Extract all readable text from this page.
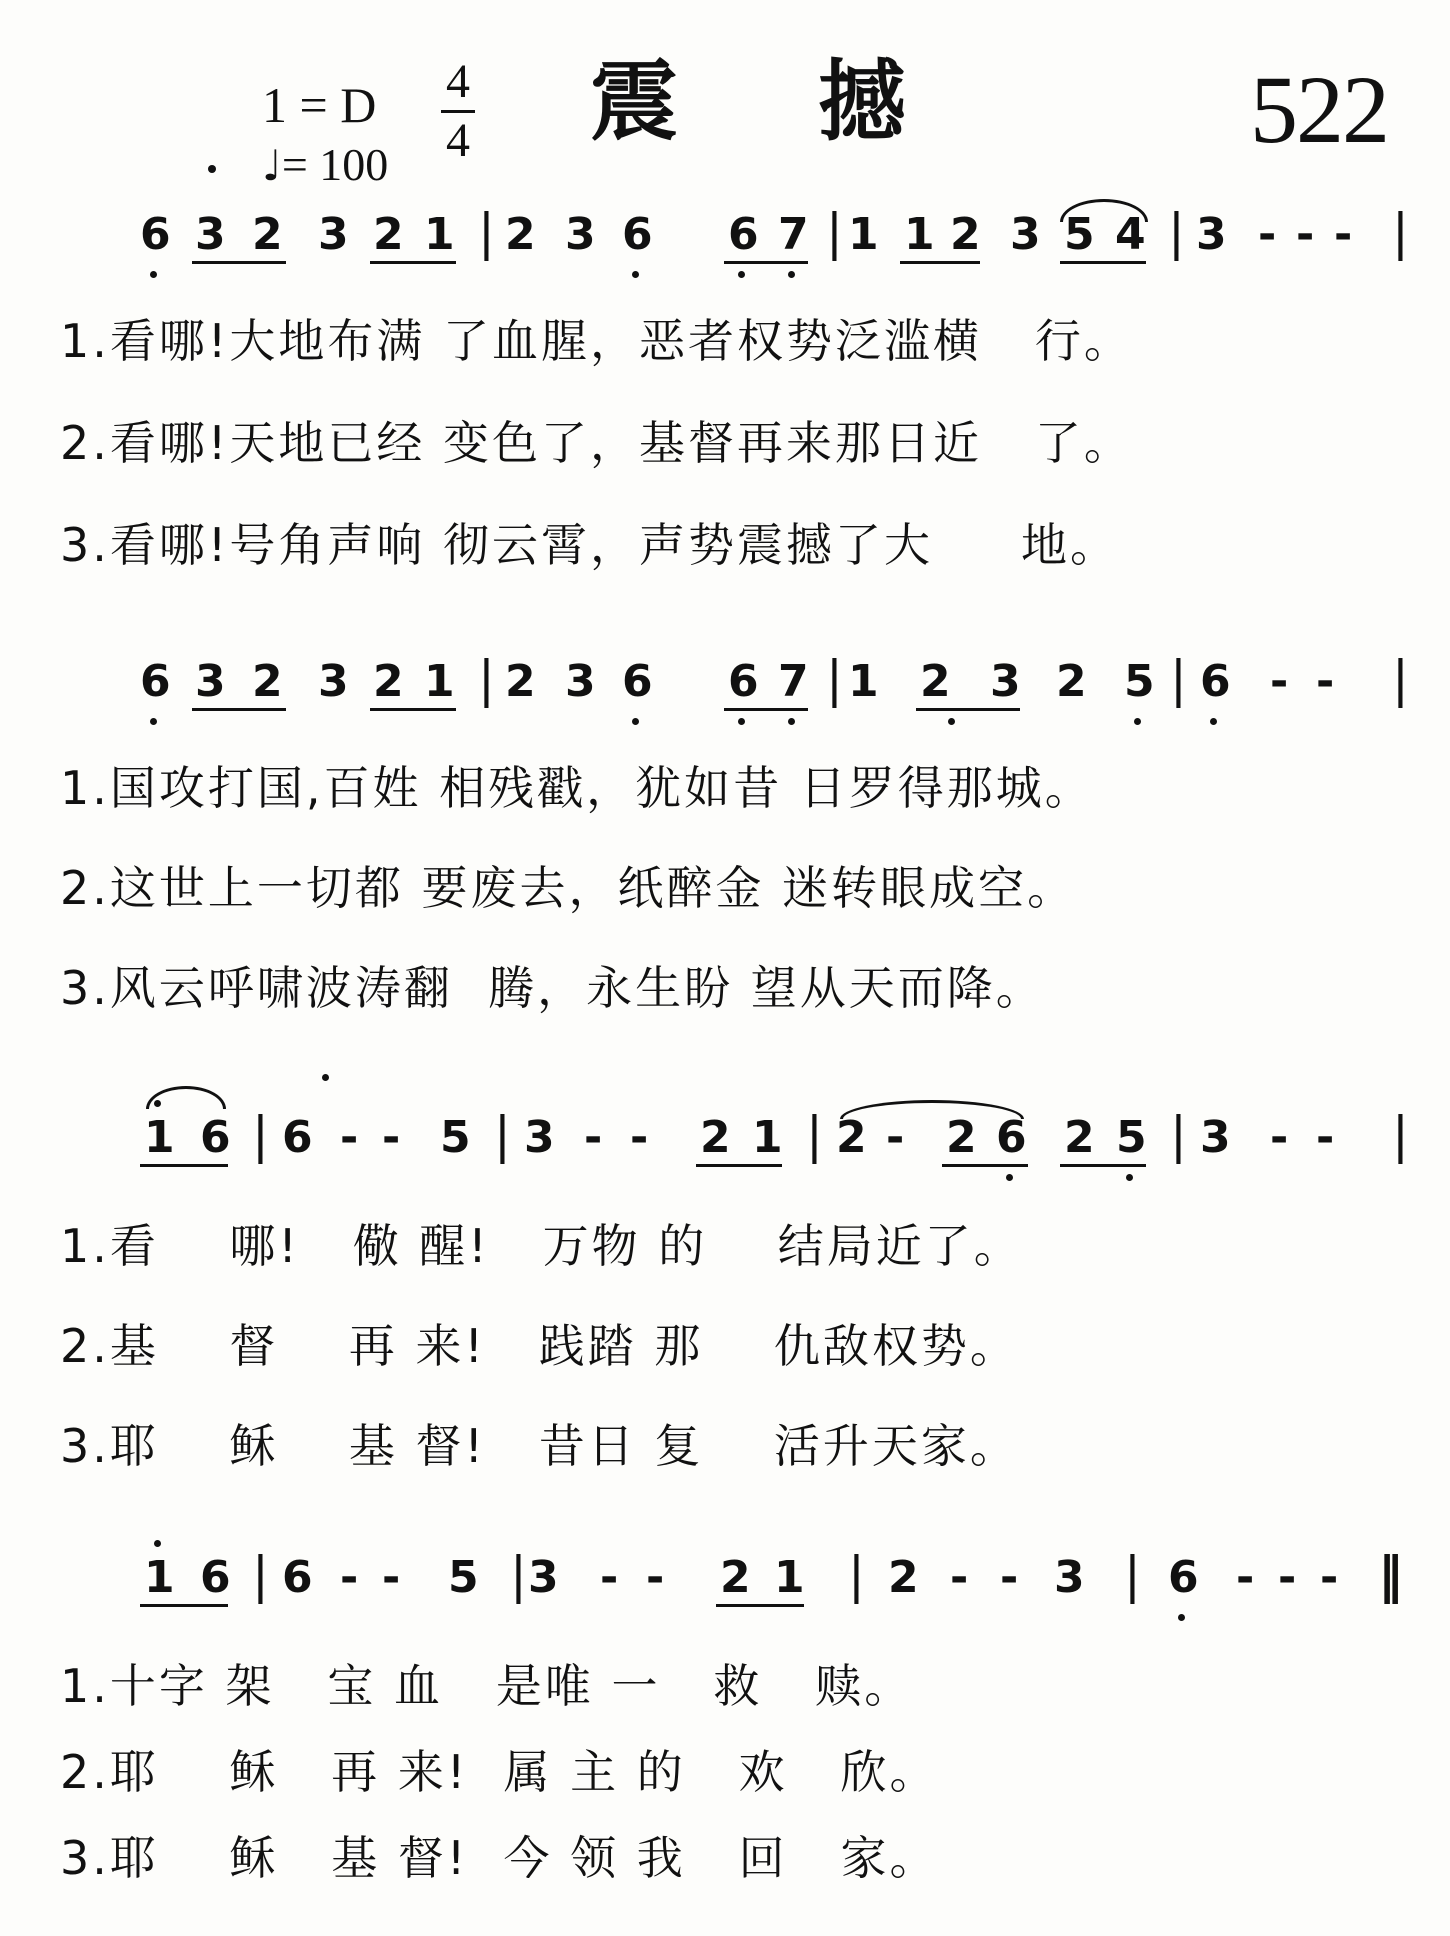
1 = D 4
4
♩= 100
震撼 522
6 3 2 3 2 1 | 2 3 6 6 7 | 1 1 2 3 5 4 | 3 - - - |
1.看哪!大地布满 了血腥，恶者权势泛滥横   行。
2.看哪!天地已经 变色了，基督再来那日近   了。
3.看哪!号角声响 彻云霄，声势震撼了大     地。
6 3 2 3 2 1 | 2 3 6 6 7 | 1 2 3 2 5 | 6 - - |
1.国攻打国,百姓 相残戳，犹如昔 日罗得那城。
2.这世上一切都 要废去，纸醉金 迷转眼成空。
3.风云呼啸波涛翻  腾，永生盼 望从天而降。
1 6 | 6 - - 5 | 3 - - 2 1 | 2 - 2 6 2 5 | 3 - - |
1.看    哪!   儆 醒!   万物 的    结局近了。
2.基    督    再 来!   践踏 那    仇敌权势。
3.耶    稣    基 督!   昔日 复    活升天家。
1 6 | 6 - - 5 | 3 - - 2 1 | 2 - - 3 | 6 - - - ‖
1.十字 架   宝 血   是唯 一   救   赎。
2.耶    稣   再 来!  属 主 的   欢   欣。
3.耶    稣   基 督!  今 领 我   回   家。
